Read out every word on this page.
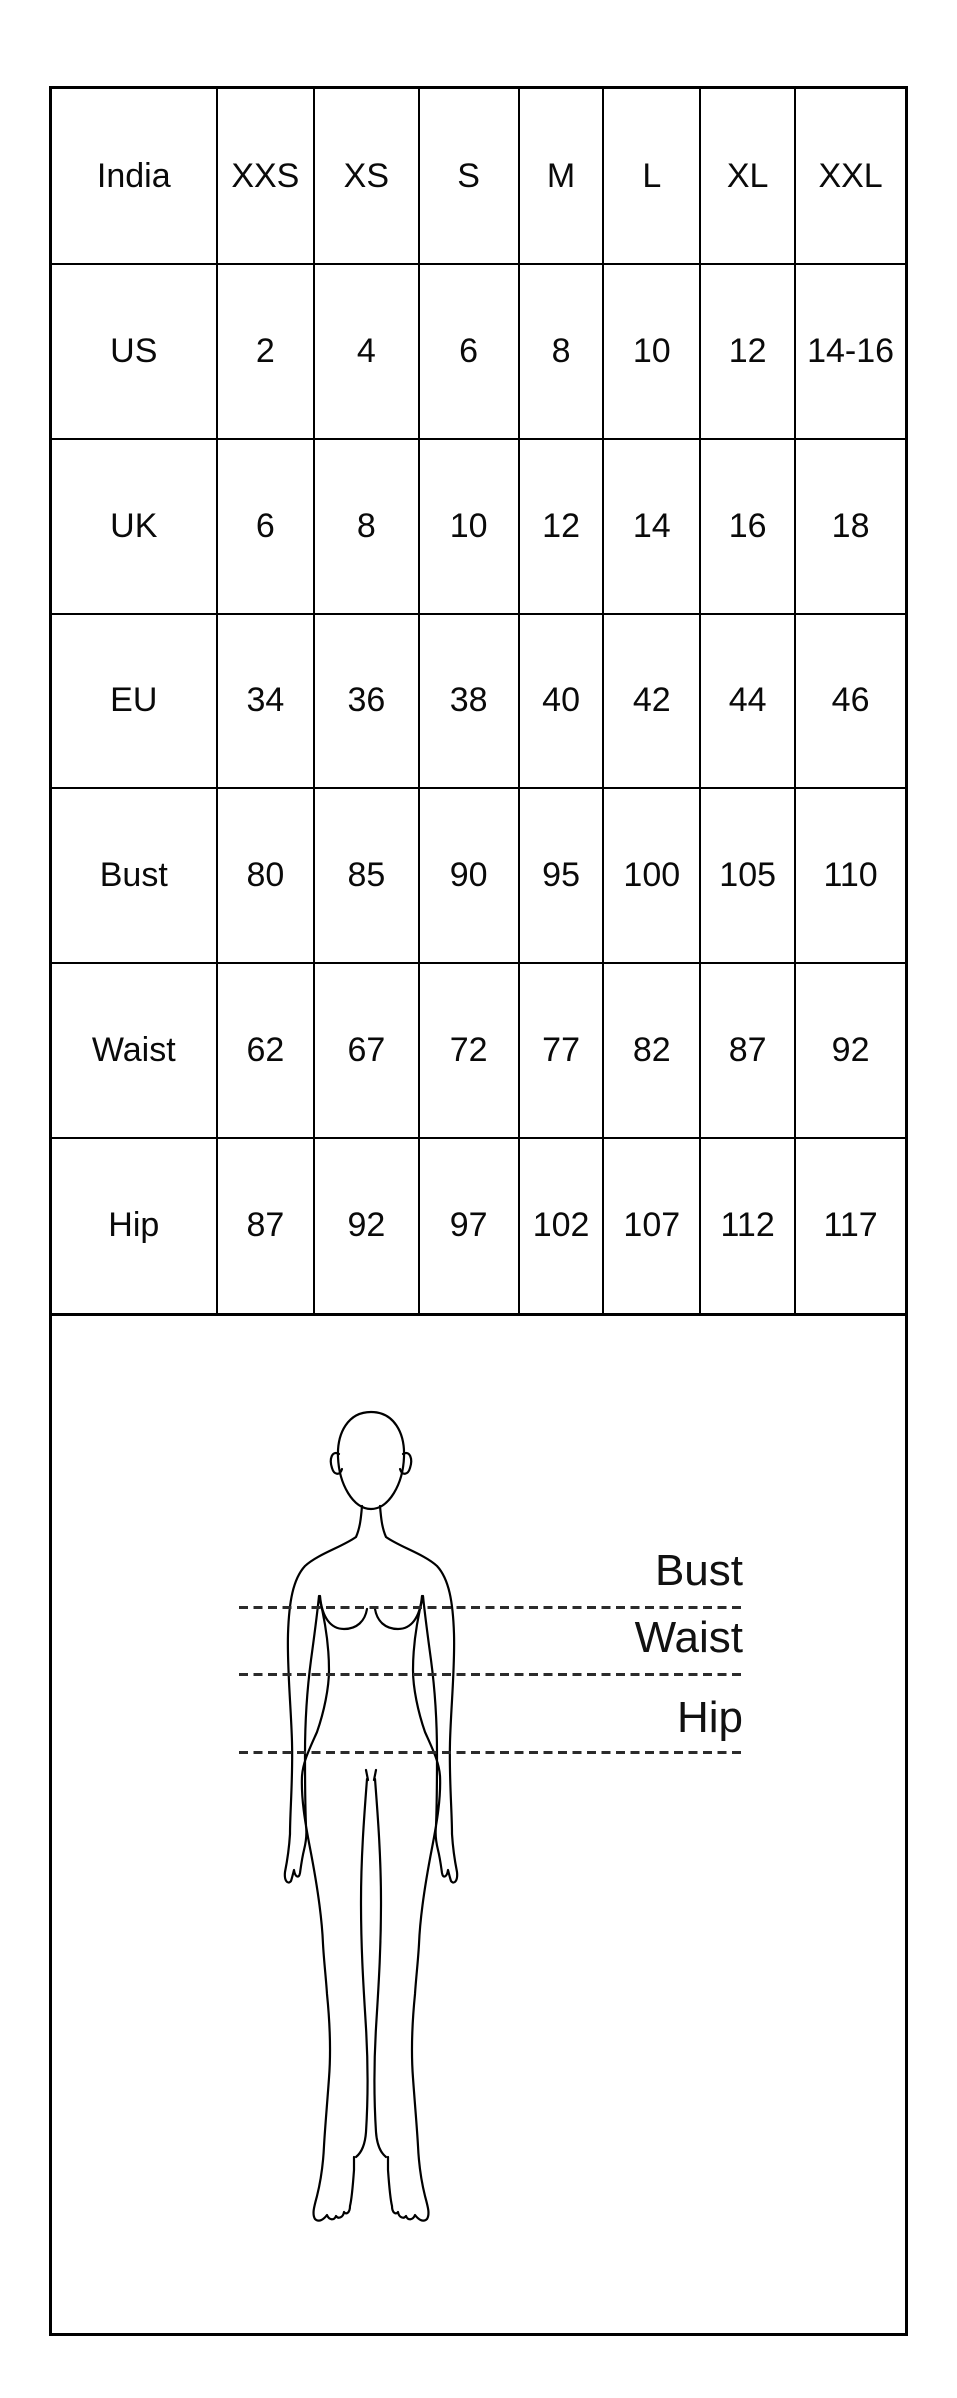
India	XXS	XS	S	M	L	XL	XXL
US	2	4	6	8	10	12	14-16
UK	6	8	10	12	14	16	18
EU	34	36	38	40	42	44	46
Bust	80	85	90	95	100	105	110
Waist	62	67	72	77	82	87	92
Hip	87	92	97	102	107	112	117
Bust
Waist
Hip
